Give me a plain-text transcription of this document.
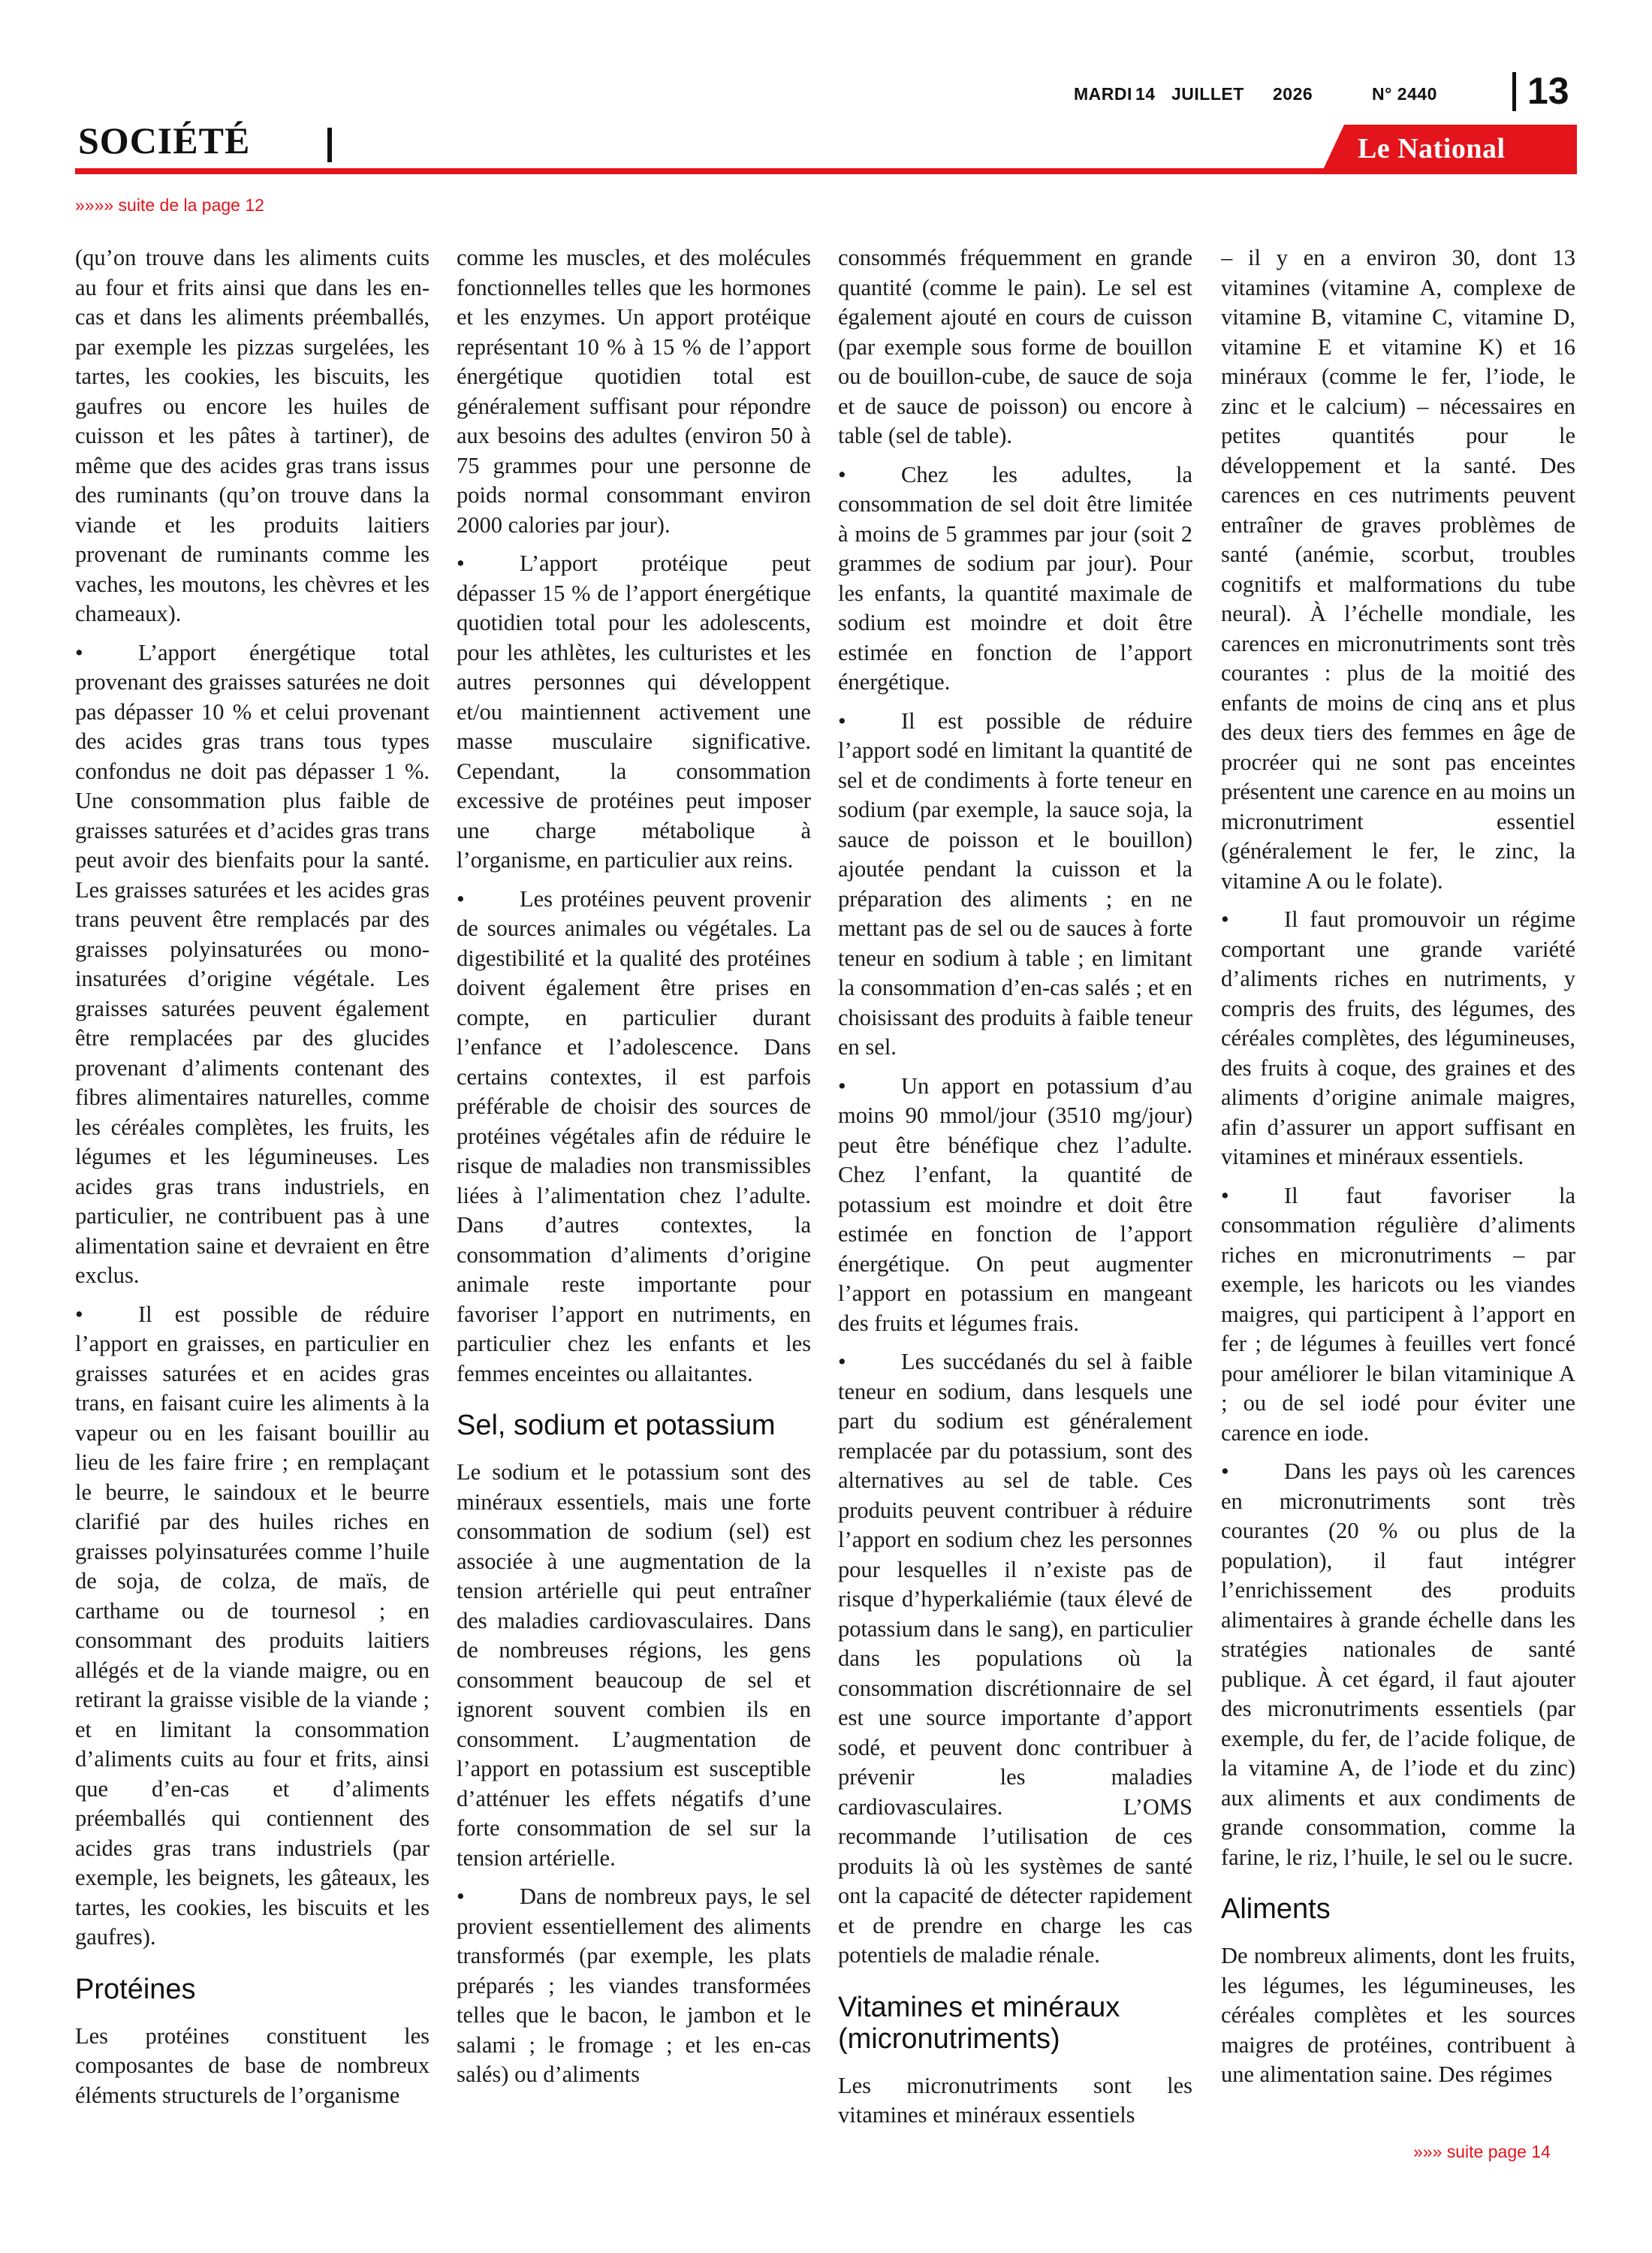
MARDI 14 JUILLET 2026	N° 2440	13
SOCIÉTÉ	Le National
»»»» suite de la page 12

(qu’on trouve dans les aliments cuits au four et frits ainsi que dans les en-cas et dans les aliments préemballés, par exemple les pizzas surgelées, les tartes, les cookies, les biscuits, les gaufres ou encore les huiles de cuisson et les pâtes à tartiner), de même que des acides gras trans issus des ruminants (qu’on trouve dans la viande et les produits laitiers provenant de ruminants comme les vaches, les moutons, les chèvres et les chameaux).

• L’apport énergétique total provenant des graisses saturées ne doit pas dépasser 10 % et celui provenant des acides gras trans tous types confondus ne doit pas dépasser 1 %. Une consommation plus faible de graisses saturées et d’acides gras trans peut avoir des bienfaits pour la santé. Les graisses saturées et les acides gras trans peuvent être remplacés par des graisses polyinsaturées ou mono-insaturées d’origine végétale. Les graisses saturées peuvent également être remplacées par des glucides provenant d’aliments contenant des fibres alimentaires naturelles, comme les céréales complètes, les fruits, les légumes et les légumineuses. Les acides gras trans industriels, en particulier, ne contribuent pas à une alimentation saine et devraient en être exclus.

• Il est possible de réduire l’apport en graisses, en particulier en graisses saturées et en acides gras trans, en faisant cuire les aliments à la vapeur ou en les faisant bouillir au lieu de les faire frire ; en remplaçant le beurre, le saindoux et le beurre clarifié par des huiles riches en graisses polyinsaturées comme l’huile de soja, de colza, de maïs, de carthame ou de tournesol ; en consommant des produits laitiers allégés et de la viande maigre, ou en retirant la graisse visible de la viande ; et en limitant la consommation d’aliments cuits au four et frits, ainsi que d’en-cas et d’aliments préemballés qui contiennent des acides gras trans industriels (par exemple, les beignets, les gâteaux, les tartes, les cookies, les biscuits et les gaufres).

Protéines

Les protéines constituent les composantes de base de nombreux éléments structurels de l’organisme

comme les muscles, et des molécules fonctionnelles telles que les hormones et les enzymes. Un apport protéique représentant 10 % à 15 % de l’apport énergétique quotidien total est généralement suffisant pour répondre aux besoins des adultes (environ 50 à 75 grammes pour une personne de poids normal consommant environ 2000 calories par jour).

• L’apport protéique peut dépasser 15 % de l’apport énergétique quotidien total pour les adolescents, pour les athlètes, les culturistes et les autres personnes qui développent et/ou maintiennent activement une masse musculaire significative. Cependant, la consommation excessive de protéines peut imposer une charge métabolique à l’organisme, en particulier aux reins.

• Les protéines peuvent provenir de sources animales ou végétales. La digestibilité et la qualité des protéines doivent également être prises en compte, en particulier durant l’enfance et l’adolescence. Dans certains contextes, il est parfois préférable de choisir des sources de protéines végétales afin de réduire le risque de maladies non transmissibles liées à l’alimentation chez l’adulte. Dans d’autres contextes, la consommation d’aliments d’origine animale reste importante pour favoriser l’apport en nutriments, en particulier chez les enfants et les femmes enceintes ou allaitantes.

Sel, sodium et potassium

Le sodium et le potassium sont des minéraux essentiels, mais une forte consommation de sodium (sel) est associée à une augmentation de la tension artérielle qui peut entraîner des maladies cardiovasculaires. Dans de nombreuses régions, les gens consomment beaucoup de sel et ignorent souvent combien ils en consomment. L’augmentation de l’apport en potassium est susceptible d’atténuer les effets négatifs d’une forte consommation de sel sur la tension artérielle.

• Dans de nombreux pays, le sel provient essentiellement des aliments transformés (par exemple, les plats préparés ; les viandes transformées telles que le bacon, le jambon et le salami ; le fromage ; et les en-cas salés) ou d’aliments

consommés fréquemment en grande quantité (comme le pain). Le sel est également ajouté en cours de cuisson (par exemple sous forme de bouillon ou de bouillon-cube, de sauce de soja et de sauce de poisson) ou encore à table (sel de table).

• Chez les adultes, la consommation de sel doit être limitée à moins de 5 grammes par jour (soit 2 grammes de sodium par jour). Pour les enfants, la quantité maximale de sodium est moindre et doit être estimée en fonction de l’apport énergétique.

• Il est possible de réduire l’apport sodé en limitant la quantité de sel et de condiments à forte teneur en sodium (par exemple, la sauce soja, la sauce de poisson et le bouillon) ajoutée pendant la cuisson et la préparation des aliments ; en ne mettant pas de sel ou de sauces à forte teneur en sodium à table ; en limitant la consommation d’en-cas salés ; et en choisissant des produits à faible teneur en sel.

• Un apport en potassium d’au moins 90 mmol/jour (3510 mg/jour) peut être bénéfique chez l’adulte. Chez l’enfant, la quantité de potassium est moindre et doit être estimée en fonction de l’apport énergétique. On peut augmenter l’apport en potassium en mangeant des fruits et légumes frais.

• Les succédanés du sel à faible teneur en sodium, dans lesquels une part du sodium est généralement remplacée par du potassium, sont des alternatives au sel de table. Ces produits peuvent contribuer à réduire l’apport en sodium chez les personnes pour lesquelles il n’existe pas de risque d’hyperkaliémie (taux élevé de potassium dans le sang), en particulier dans les populations où la consommation discrétionnaire de sel est une source importante d’apport sodé, et peuvent donc contribuer à prévenir les maladies cardiovasculaires. L’OMS recommande l’utilisation de ces produits là où les systèmes de santé ont la capacité de détecter rapidement et de prendre en charge les cas potentiels de maladie rénale.

Vitamines et minéraux (micronutriments)

Les micronutriments sont les vitamines et minéraux essentiels

– il y en a environ 30, dont 13 vitamines (vitamine A, complexe de vitamine B, vitamine C, vitamine D, vitamine E et vitamine K) et 16 minéraux (comme le fer, l’iode, le zinc et le calcium) – nécessaires en petites quantités pour le développement et la santé. Des carences en ces nutriments peuvent entraîner de graves problèmes de santé (anémie, scorbut, troubles cognitifs et malformations du tube neural). À l’échelle mondiale, les carences en micronutriments sont très courantes : plus de la moitié des enfants de moins de cinq ans et plus des deux tiers des femmes en âge de procréer qui ne sont pas enceintes présentent une carence en au moins un micronutriment essentiel (généralement le fer, le zinc, la vitamine A ou le folate).

• Il faut promouvoir un régime comportant une grande variété d’aliments riches en nutriments, y compris des fruits, des légumes, des céréales complètes, des légumineuses, des fruits à coque, des graines et des aliments d’origine animale maigres, afin d’assurer un apport suffisant en vitamines et minéraux essentiels.

• Il faut favoriser la consommation régulière d’aliments riches en micronutriments – par exemple, les haricots ou les viandes maigres, qui participent à l’apport en fer ; de légumes à feuilles vert foncé pour améliorer le bilan vitaminique A ; ou de sel iodé pour éviter une carence en iode.

• Dans les pays où les carences en micronutriments sont très courantes (20 % ou plus de la population), il faut intégrer l’enrichissement des produits alimentaires à grande échelle dans les stratégies nationales de santé publique. À cet égard, il faut ajouter des micronutriments essentiels (par exemple, du fer, de l’acide folique, de la vitamine A, de l’iode et du zinc) aux aliments et aux condiments de grande consommation, comme la farine, le riz, l’huile, le sel ou le sucre.

Aliments

De nombreux aliments, dont les fruits, les légumes, les légumineuses, les céréales complètes et les sources maigres de protéines, contribuent à une alimentation saine. Des régimes

»»» suite page 14
